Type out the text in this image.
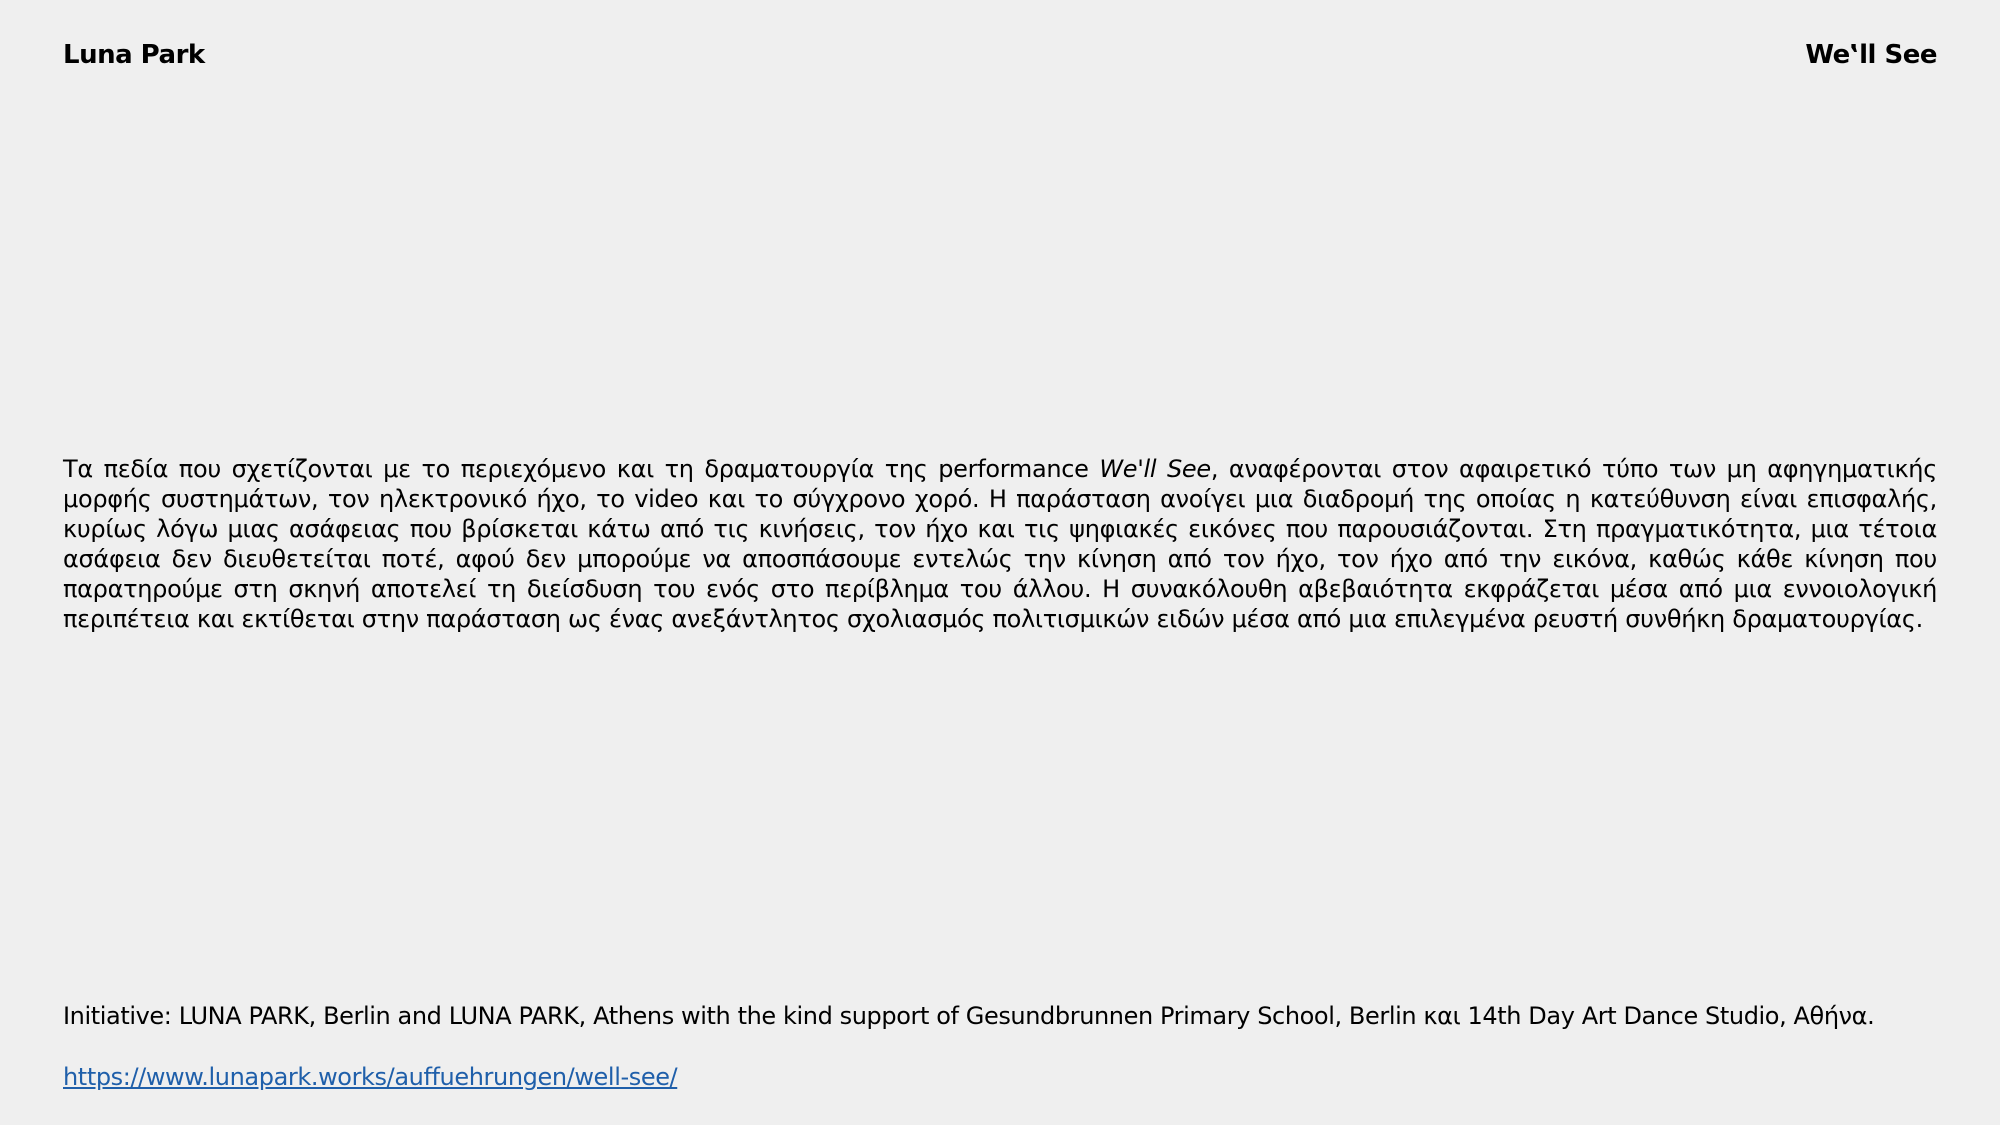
Luna Park	We‛ll See

Τα πεδία που σχετίζονται με το περιεχόμενο και τη δραματουργία της performance We'll See, αναφέρονται στον αφαιρετικό τύπο των μη αφηγηματικής μορφής συστημάτων, τον ηλεκτρονικό ήχο, το video και το σύγχρονο χορό. Η παράσταση ανοίγει μια διαδρομή της οποίας η κατεύθυνση είναι επισφαλής, κυρίως λόγω μιας ασάφειας που βρίσκεται κάτω από τις κινήσεις, τον ήχο και τις ψηφιακές εικόνες που παρουσιάζονται. Στη πραγματικότητα, μια τέτοια ασάφεια δεν διευθετείται ποτέ, αφού δεν μπορούμε να αποσπάσουμε εντελώς την κίνηση από τον ήχο, τον ήχο από την εικόνα, καθώς κάθε κίνηση που παρατηρούμε στη σκηνή αποτελεί τη διείσδυση του ενός στο περίβλημα του άλλου. Η συνακόλουθη αβεβαιότητα εκφράζεται μέσα από μια εννοιολογική περιπέτεια και εκτίθεται στην παράσταση ως ένας ανεξάντλητος σχολιασμός πολιτισμικών ειδών μέσα από μια επιλεγμένα ρευστή συνθήκη δραματουργίας.

Initiative: LUNA PARK, Berlin and LUNA PARK, Athens with the kind support of Gesundbrunnen Primary School, Berlin και 14th Day Art Dance Studio, Αθήνα.
https://www.lunapark.works/auffuehrungen/well-see/
